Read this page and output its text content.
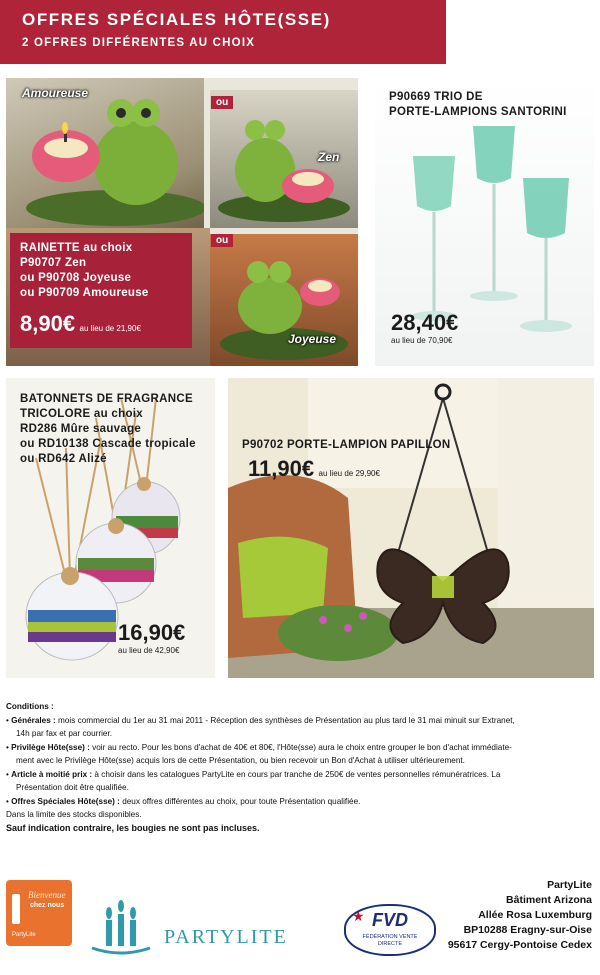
OFFRES SPÉCIALES HÔTE(SSE)
2 OFFRES DIFFÉRENTES AU CHOIX
Amoureuse
ou
Zen
ou
Joyeuse
RAINETTE au choix
P90707 Zen
ou P90708 Joyeuse
ou P90709 Amoureuse
8,90€ au lieu de 21,90€
P90669 TRIO DE
PORTE-LAMPIONS SANTORINI
28,40€
au lieu de 70,90€
BATONNETS DE FRAGRANCE
TRICOLORE au choix
RD286 Mûre sauvage
ou RD10138 Cascade tropicale
ou RD642 Alizé
16,90€
au lieu de 42,90€
P90702 PORTE-LAMPION PAPILLON
11,90€ au lieu de 29,90€
Conditions :
• Générales : mois commercial du 1er au 31 mai 2011 - Réception des synthèses de Présentation au plus tard le 31 mai minuit sur Extranet,
14h par fax et par courrier.
• Privilège Hôte(sse) : voir au recto. Pour les bons d'achat de 40€ et 80€, l'Hôte(sse) aura le choix entre grouper le bon d'achat immédiate-
ment avec le Privilège Hôte(sse) acquis lors de cette Présentation, ou bien recevoir un Bon d'Achat à utiliser ultérieurement.
• Article à moitié prix : à choisir dans les catalogues PartyLite en cours par tranche de 250€ de ventes personnelles rémunératrices. La
Présentation doit être qualifiée.
• Offres Spéciales Hôte(sse) : deux offres différentes au choix, pour toute Présentation qualifiée.
Dans la limite des stocks disponibles.
Sauf indication contraire, les bougies ne sont pas incluses.
Bienvenue
chez nous
PartyLite	PARTYLITE
FVD
FÉDÉRATION VENTE DIRECTE
★
PartyLite
Bâtiment Arizona
Allée Rosa Luxemburg
BP10288 Eragny-sur-Oise
95617 Cergy-Pontoise Cedex
